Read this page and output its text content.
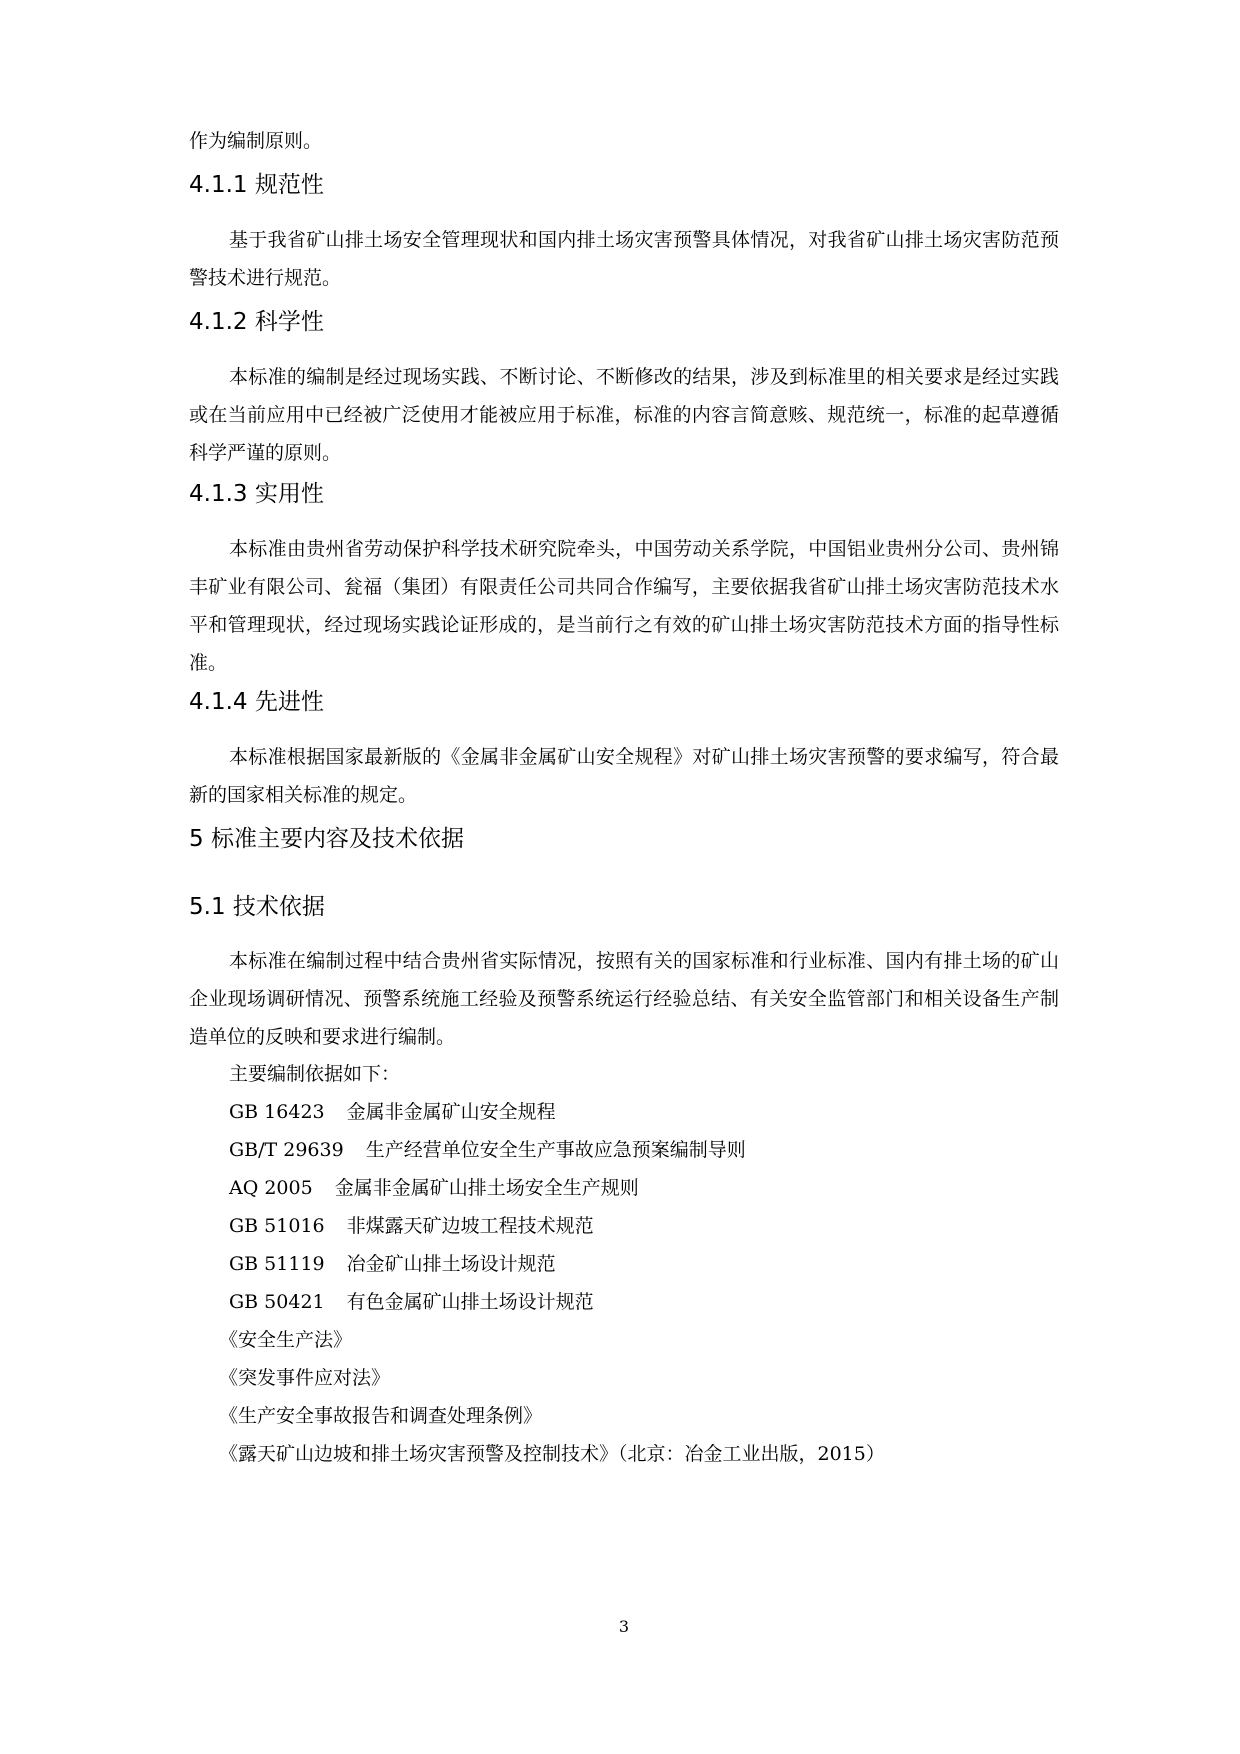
作为编制原则。
4.1.1 规范性
基于我省矿山排土场安全管理现状和国内排土场灾害预警具体情况，对我省矿山排土场灾害防范预警技术进行规范。
4.1.2 科学性
本标准的编制是经过现场实践、不断讨论、不断修改的结果，涉及到标准里的相关要求是经过实践或在当前应用中已经被广泛使用才能被应用于标准，标准的内容言简意赅、规范统一，标准的起草遵循科学严谨的原则。
4.1.3 实用性
本标准由贵州省劳动保护科学技术研究院牵头，中国劳动关系学院，中国铝业贵州分公司、贵州锦丰矿业有限公司、瓮福（集团）有限责任公司共同合作编写，主要依据我省矿山排土场灾害防范技术水平和管理现状，经过现场实践论证形成的，是当前行之有效的矿山排土场灾害防范技术方面的指导性标准。
4.1.4 先进性
本标准根据国家最新版的《金属非金属矿山安全规程》对矿山排土场灾害预警的要求编写，符合最新的国家相关标准的规定。
5 标准主要内容及技术依据
5.1 技术依据
本标准在编制过程中结合贵州省实际情况，按照有关的国家标准和行业标准、国内有排土场的矿山企业现场调研情况、预警系统施工经验及预警系统运行经验总结、有关安全监管部门和相关设备生产制造单位的反映和要求进行编制。
主要编制依据如下：
GB 16423 金属非金属矿山安全规程
GB/T 29639 生产经营单位安全生产事故应急预案编制导则
AQ 2005 金属非金属矿山排土场安全生产规则
GB 51016 非煤露天矿边坡工程技术规范
GB 51119 冶金矿山排土场设计规范
GB 50421 有色金属矿山排土场设计规范
《安全生产法》
《突发事件应对法》
《生产安全事故报告和调查处理条例》
《露天矿山边坡和排土场灾害预警及控制技术》（北京：冶金工业出版，2015）
3
